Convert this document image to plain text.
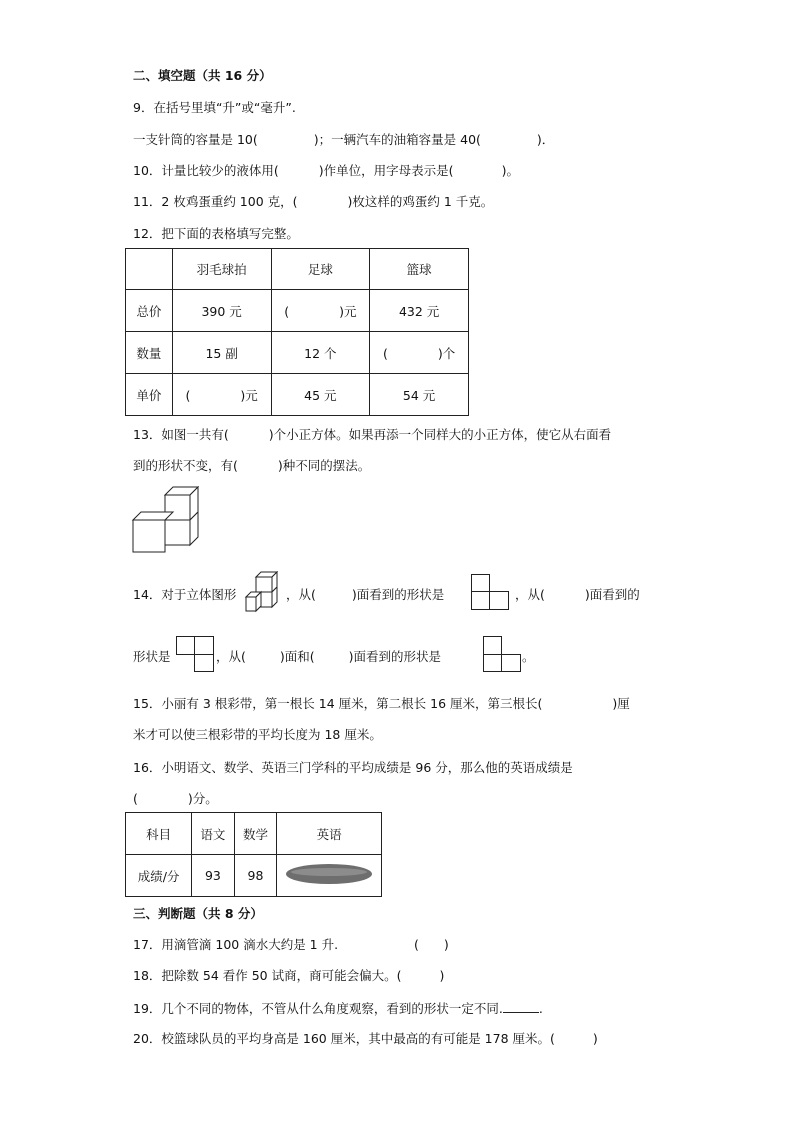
二、填空题（共 16 分）
9．在括号里填“升”或“毫升”.
一支针筒的容量是 10(	)；一辆汽车的油箱容量是 40(	)．
10．计量比较少的液体用(	)作单位，用字母表示是(	)。
11．2 枚鸡蛋重约 100 克，(	)枚这样的鸡蛋约 1 千克。
12．把下面的表格填写完整。
	羽毛球拍	足球	篮球
总价	390 元	(　　　　)元	432 元
数量	15 副	12 个	(　　　　)个
单价	(　　　　)元	45 元	54 元
13．如图一共有(	)个小正方体。如果再添一个同样大的小正方体，使它从右面看
到的形状不变，有(	)种不同的摆法。
14．对于立体图形	，从(	)面看到的形状是	，从(	)面看到的
形状是	，从(	)面和(	)面看到的形状是	。
15．小丽有 3 根彩带，第一根长 14 厘米，第二根长 16 厘米，第三根长(	)厘
米才可以使三根彩带的平均长度为 18 厘米。
16．小明语文、数学、英语三门学科的平均成绩是 96 分，那么他的英语成绩是
(	)分。
科目	语文	数学	英语
成绩/分	93	98	
三、判断题（共 8 分）
17．用滴管滴 100 滴水大约是 1 升.	(　　)
18．把除数 54 看作 50 试商，商可能会偏大。(	)
19．几个不同的物体，不管从什么角度观察，看到的形状一定不同.	.
20．校篮球队员的平均身高是 160 厘米，其中最高的有可能是 178 厘米。(	)
